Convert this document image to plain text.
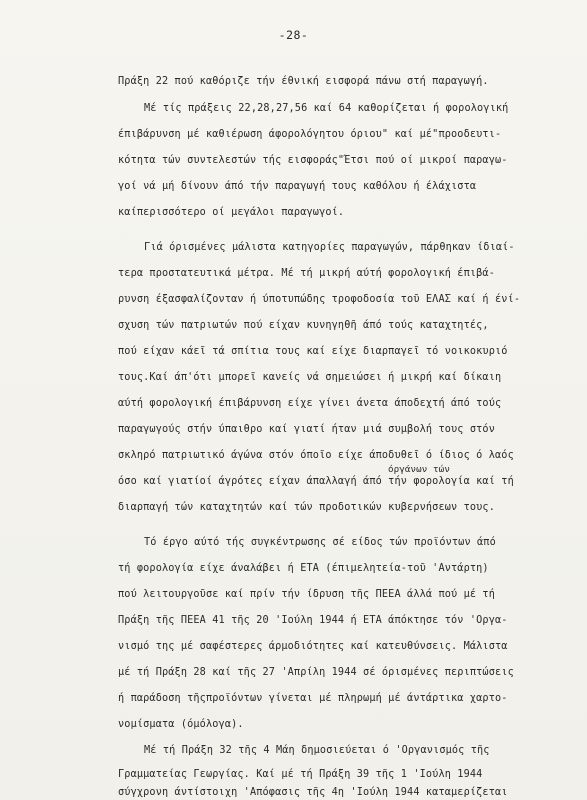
-28-
Πράξη 22 πού καθόριζε τήν έθνική εισφορά πάνω στή παραγωγή.
Μέ τίς πράξεις 22,28,27,56 καί 64 καθορίζεται ή φορολογική
έπιβάρυνση μέ καθιέρωση άφορολόγητου όριου" καί μέ"προοδευτι-
κότητα τών συντελεστών τής εισφοράς"Έτσι πού οί μικροί παραγω-
γοί νά μή δίνουν άπό τήν παραγωγή τους καθόλου ή έλάχιστα
καίπερισσότερο οί μεγάλοι παραγωγοί.
Γιά όρισμένες μάλιστα κατηγορίες παραγωγών, πάρθηκαν ίδιαί-
τερα προστατευτικά μέτρα. Μέ τή μικρή αύτή φορολογική έπιβά-
ρυνση έξασφαλίζονταν ή ύποτυπώδης τροφοδοσία τοῦ ΕΛΑΣ καί ή ένί-
σχυση τών πατριωτών πού είχαν κυνηγηθῆ άπό τούς καταχτητές,
πού είχαν κάεῖ τά σπίτια τους καί είχε διαρπαγεῖ τό νοικοκυριό
τους.Καί άπ'ότι μπορεῖ κανείς νά σημειώσει ή μικρή καί δίκαιη
αύτή φορολογική έπιβάρυνση είχε γίνει άνετα άποδεχτή άπό τούς
παραγωγούς στήν ύπαιθρο καί γιατί ήταν μιά συμβολή τους στόν
σκληρό πατριωτικό άγώνα στόν όποῖο είχε άποδυθεῖ ό ίδιος ό λαός
όσο καί γιατίοί άγρότες είχαν άπαλλαγή άπό τήν φορολογία καί τή
όργάνων τών
διαρπαγή τών καταχτητών καί τών προδοτικών κυβερνήσεων τους.
Τό έργο αύτό τής συγκέντρωσης σέ είδος τών προϊόντων άπό
τή φορολογία είχε άναλάβει ή ΕΤΑ (έπιμελητεία-τοῦ 'Αντάρτη)
πού λειτουργοῦσε καί πρίν τήν ίδρυση τῆς ΠΕΕΑ άλλά πού μέ τή
Πράξη τῆς ΠΕΕΑ 41 τῆς 20 'Ιούλη 1944 ή ΕΤΑ άπόκτησε τόν 'Οργα-
νισμό της μέ σαφέστερες άρμοδιότητες καί κατευθύνσεις. Μάλιστα
μέ τή Πράξη 28 καί τῆς 27 'Απρίλη 1944 σέ όρισμένες περιπτώσεις
ή παράδοση τῆςπροϊόντων γίνεται μέ πληρωμή μέ άντάρτικα χαρτο-
νομίσματα (όμόλογα).
Μέ τή Πράξη 32 τῆς 4 Μάη δημοσιεύεται ό 'Οργανισμός τῆς
Γραμματείας Γεωργίας. Καί μέ τή Πράξη 39 τῆς 1 'Ιούλη 1944
σύγχρονη άντίστοιχη 'Απόφασις τῆς 4η 'Ιούλη 1944 καταμερίζεται
